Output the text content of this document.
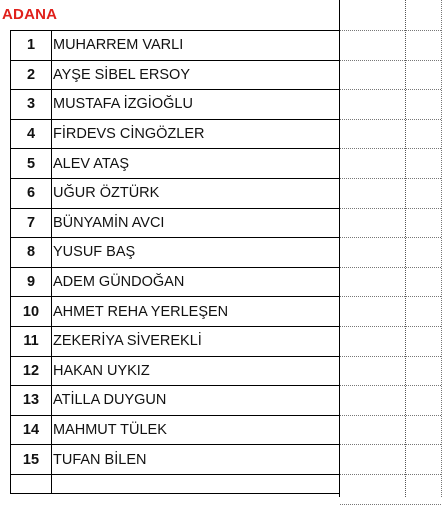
ADANA
1	MUHARREM VARLI
2	AYŞE SİBEL ERSOY
3	MUSTAFA İZGİOĞLU
4	FİRDEVS CİNGÖZLER
5	ALEV ATAŞ
6	UĞUR ÖZTÜRK
7	BÜNYAMİN AVCI
8	YUSUF BAŞ
9	ADEM GÜNDOĞAN
10	AHMET REHA YERLEŞEN
11	ZEKERİYA SİVEREKLİ
12	HAKAN UYKIZ
13	ATİLLA DUYGUN
14	MAHMUT TÜLEK
15	TUFAN BİLEN
